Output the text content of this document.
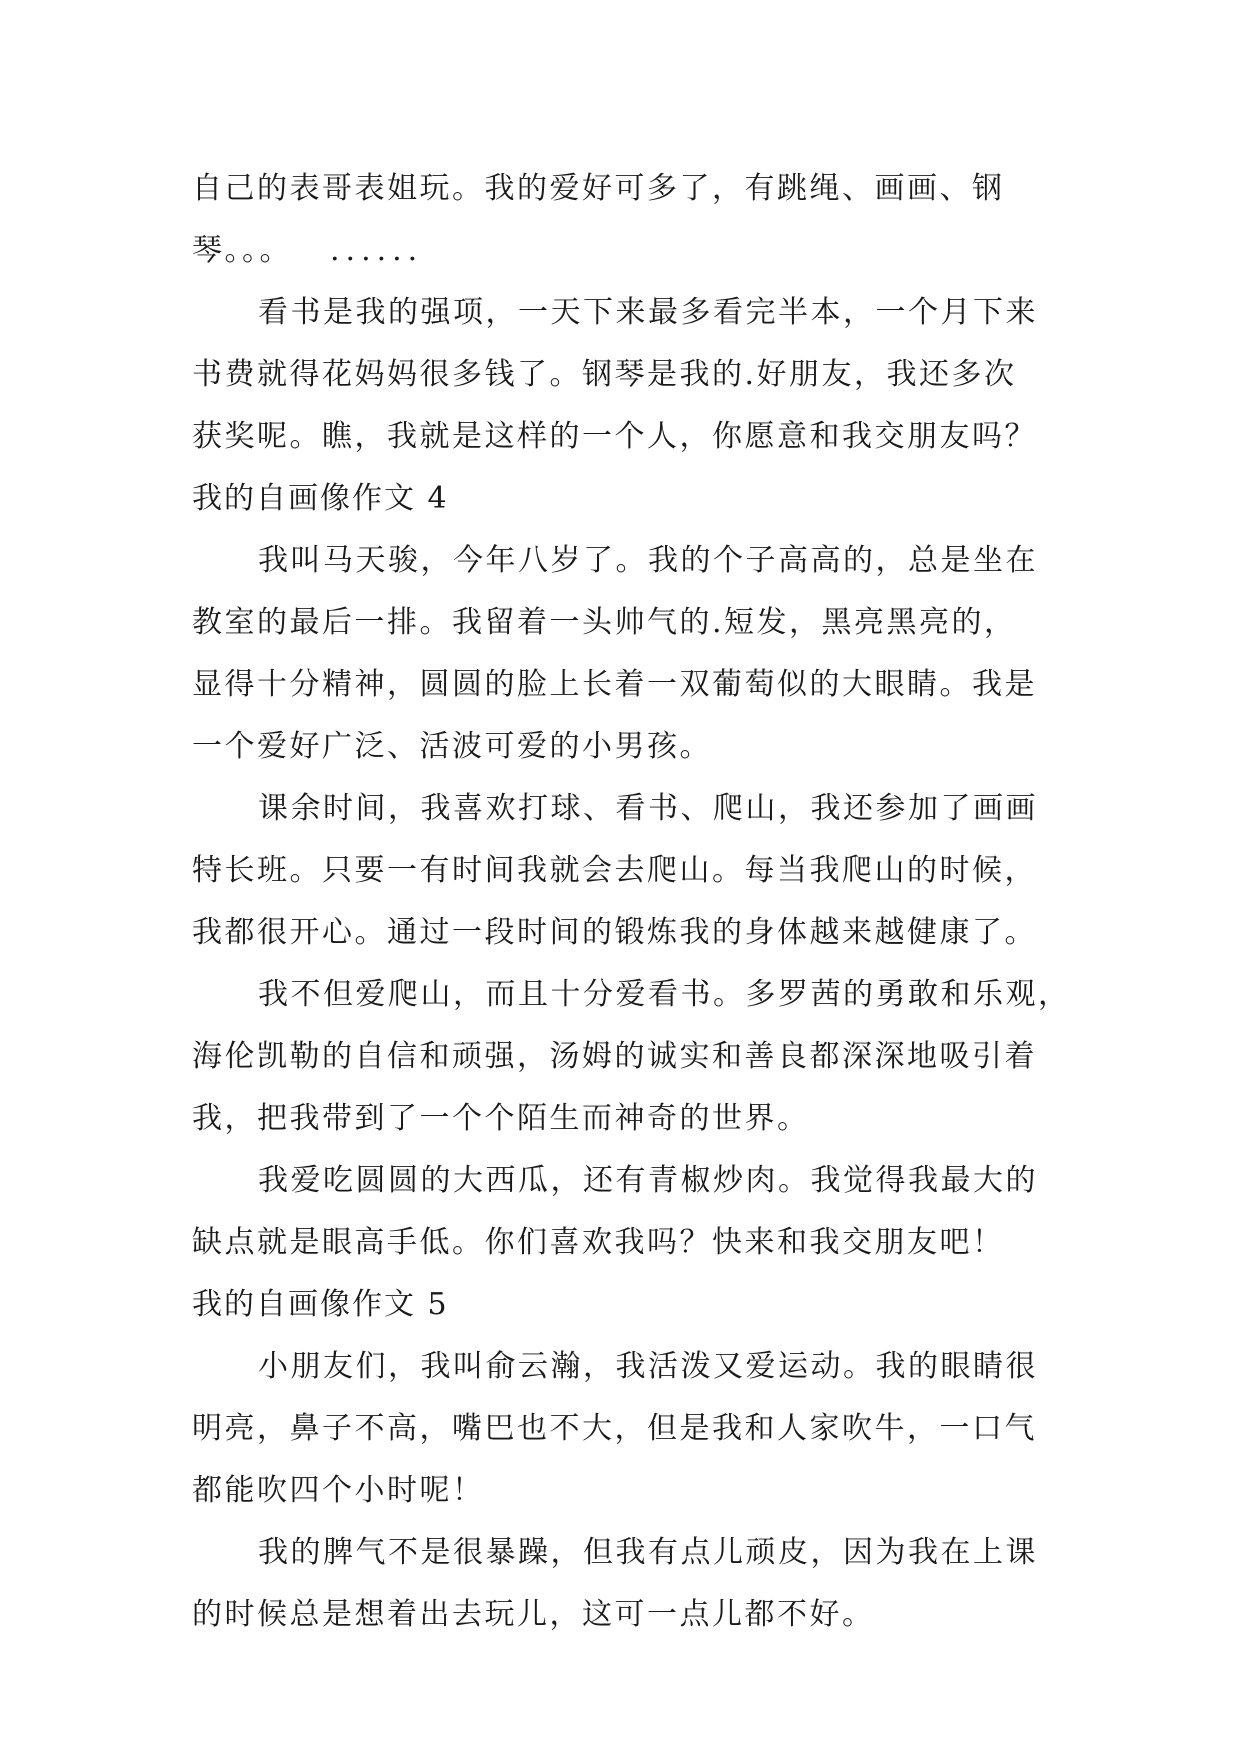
自己的表哥表姐玩。我的爱好可多了，有跳绳、画画、钢
琴。。。 ......
看书是我的强项，一天下来最多看完半本，一个月下来
书费就得花妈妈很多钱了。钢琴是我的.好朋友，我还多次
获奖呢。瞧，我就是这样的一个人，你愿意和我交朋友吗？
我的自画像作文 4
我叫马天骏，今年八岁了。我的个子高高的，总是坐在
教室的最后一排。我留着一头帅气的.短发，黑亮黑亮的，
显得十分精神，圆圆的脸上长着一双葡萄似的大眼睛。我是
一个爱好广泛、活波可爱的小男孩。
课余时间，我喜欢打球、看书、爬山，我还参加了画画
特长班。只要一有时间我就会去爬山。每当我爬山的时候，
我都很开心。通过一段时间的锻炼我的身体越来越健康了。
我不但爱爬山，而且十分爱看书。多罗茜的勇敢和乐观，
海伦凯勒的自信和顽强，汤姆的诚实和善良都深深地吸引着
我，把我带到了一个个陌生而神奇的世界。
我爱吃圆圆的大西瓜，还有青椒炒肉。我觉得我最大的
缺点就是眼高手低。你们喜欢我吗？快来和我交朋友吧！
我的自画像作文 5
小朋友们，我叫俞云瀚，我活泼又爱运动。我的眼睛很
明亮，鼻子不高，嘴巴也不大，但是我和人家吹牛，一口气
都能吹四个小时呢！
我的脾气不是很暴躁，但我有点儿顽皮，因为我在上课
的时候总是想着出去玩儿，这可一点儿都不好。
